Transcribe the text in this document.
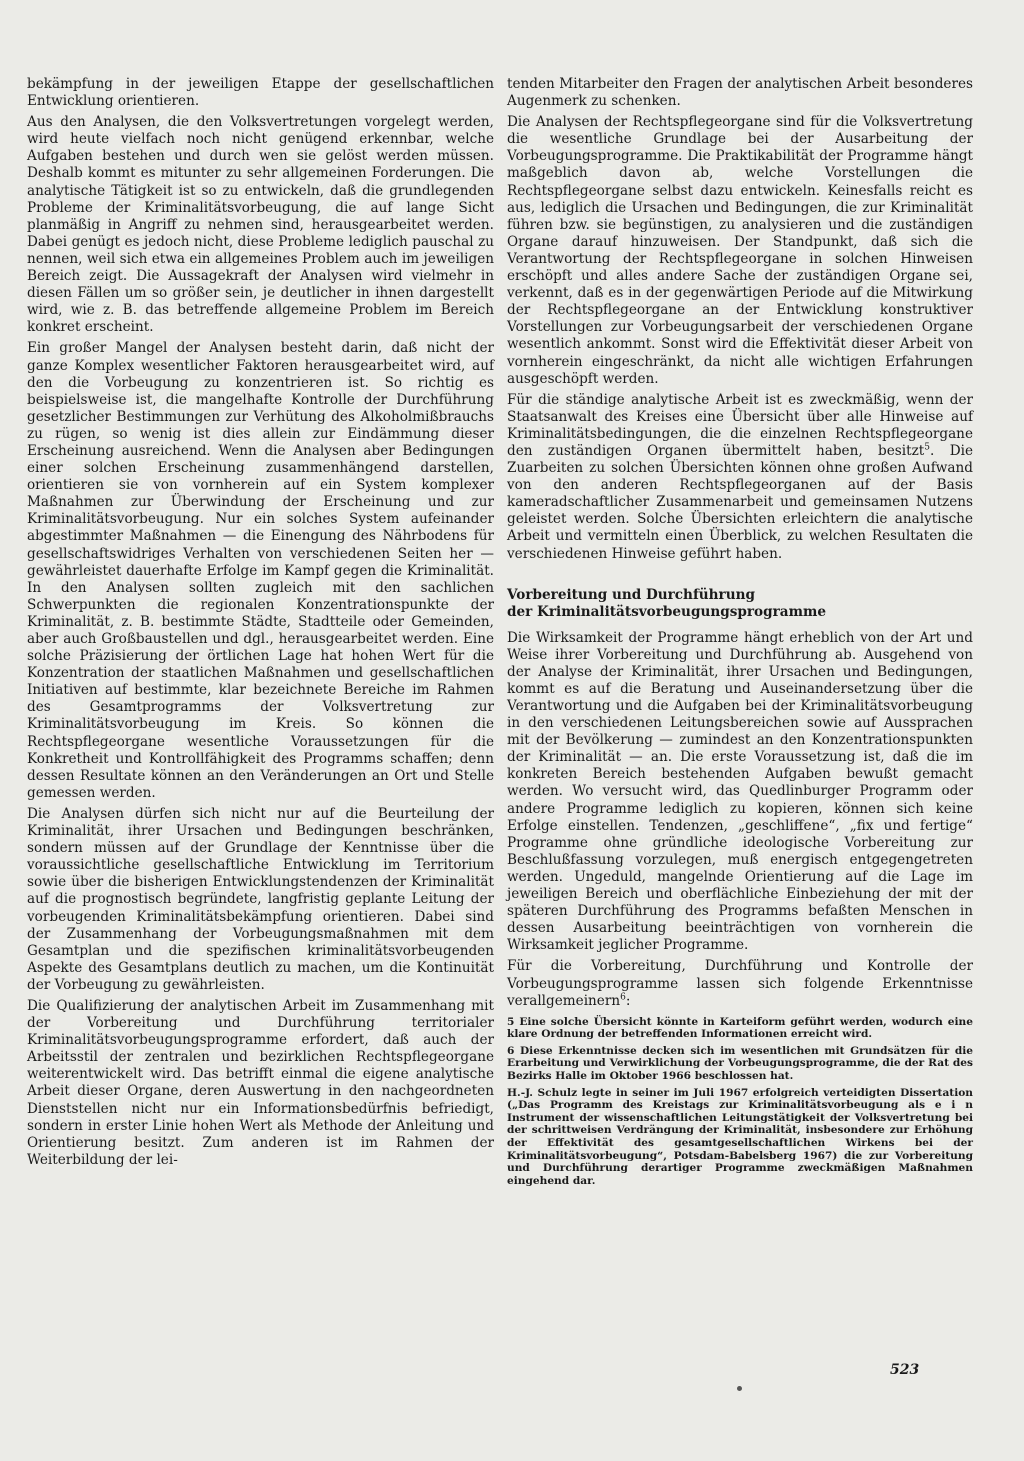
bekämpfung in der jeweiligen Etappe der gesellschaftlichen Entwicklung orientieren.

Aus den Analysen, die den Volksvertretungen vorgelegt werden, wird heute vielfach noch nicht genügend erkennbar, welche Aufgaben bestehen und durch wen sie gelöst werden müssen. Deshalb kommt es mitunter zu sehr allgemeinen Forderungen. Die analytische Tätigkeit ist so zu entwickeln, daß die grundlegenden Probleme der Kriminalitätsvorbeugung, die auf lange Sicht planmäßig in Angriff zu nehmen sind, herausgearbeitet werden. Dabei genügt es jedoch nicht, diese Probleme lediglich pauschal zu nennen, weil sich etwa ein allgemeines Problem auch im jeweiligen Bereich zeigt. Die Aussagekraft der Analysen wird vielmehr in diesen Fällen um so größer sein, je deutlicher in ihnen dargestellt wird, wie z. B. das betreffende allgemeine Problem im Bereich konkret erscheint.

Ein großer Mangel der Analysen besteht darin, daß nicht der ganze Komplex wesentlicher Faktoren herausgearbeitet wird, auf den die Vorbeugung zu konzentrieren ist. So richtig es beispielsweise ist, die mangelhafte Kontrolle der Durchführung gesetzlicher Bestimmungen zur Verhütung des Alkoholmißbrauchs zu rügen, so wenig ist dies allein zur Eindämmung dieser Erscheinung ausreichend. Wenn die Analysen aber Bedingungen einer solchen Erscheinung zusammenhängend darstellen, orientieren sie von vornherein auf ein System komplexer Maßnahmen zur Überwindung der Erscheinung und zur Kriminalitätsvorbeugung. Nur ein solches System aufeinander abgestimmter Maßnahmen — die Einengung des Nährbodens für gesellschaftswidriges Verhalten von verschiedenen Seiten her — gewährleistet dauerhafte Erfolge im Kampf gegen die Kriminalität. In den Analysen sollten zugleich mit den sachlichen Schwerpunkten die regionalen Konzentrationspunkte der Kriminalität, z. B. bestimmte Städte, Stadtteile oder Gemeinden, aber auch Großbaustellen und dgl., herausgearbeitet werden. Eine solche Präzisierung der örtlichen Lage hat hohen Wert für die Konzentration der staatlichen Maßnahmen und gesellschaftlichen Initiativen auf bestimmte, klar bezeichnete Bereiche im Rahmen des Gesamtprogramms der Volksvertretung zur Kriminalitätsvorbeugung im Kreis. So können die Rechtspflegeorgane wesentliche Voraussetzungen für die Konkretheit und Kontrollfähigkeit des Programms schaffen; denn dessen Resultate können an den Veränderungen an Ort und Stelle gemessen werden.

Die Analysen dürfen sich nicht nur auf die Beurteilung der Kriminalität, ihrer Ursachen und Bedingungen beschränken, sondern müssen auf der Grundlage der Kenntnisse über die voraussichtliche gesellschaftliche Entwicklung im Territorium sowie über die bisherigen Entwicklungstendenzen der Kriminalität auf die prognostisch begründete, langfristig geplante Leitung der vorbeugenden Kriminalitätsbekämpfung orientieren. Dabei sind der Zusammenhang der Vorbeugungsmaßnahmen mit dem Gesamtplan und die spezifischen kriminalitätsvorbeugenden Aspekte des Gesamtplans deutlich zu machen, um die Kontinuität der Vorbeugung zu gewährleisten.

Die Qualifizierung der analytischen Arbeit im Zusammenhang mit der Vorbereitung und Durchführung territorialer Kriminalitätsvorbeugungsprogramme erfordert, daß auch der Arbeitsstil der zentralen und bezirklichen Rechtspflegeorgane weiterentwickelt wird. Das betrifft einmal die eigene analytische Arbeit dieser Organe, deren Auswertung in den nachgeordneten Dienststellen nicht nur ein Informationsbedürfnis befriedigt, sondern in erster Linie hohen Wert als Methode der Anleitung und Orientierung besitzt. Zum anderen ist im Rahmen der Weiterbildung der lei-

tenden Mitarbeiter den Fragen der analytischen Arbeit besonderes Augenmerk zu schenken.

Die Analysen der Rechtspflegeorgane sind für die Volksvertretung die wesentliche Grundlage bei der Ausarbeitung der Vorbeugungsprogramme. Die Praktikabilität der Programme hängt maßgeblich davon ab, welche Vorstellungen die Rechtspflegeorgane selbst dazu entwickeln. Keinesfalls reicht es aus, lediglich die Ursachen und Bedingungen, die zur Kriminalität führen bzw. sie begünstigen, zu analysieren und die zuständigen Organe darauf hinzuweisen. Der Standpunkt, daß sich die Verantwortung der Rechtspflegeorgane in solchen Hinweisen erschöpft und alles andere Sache der zuständigen Organe sei, verkennt, daß es in der gegenwärtigen Periode auf die Mitwirkung der Rechtspflegeorgane an der Entwicklung konstruktiver Vorstellungen zur Vorbeugungsarbeit der verschiedenen Organe wesentlich ankommt. Sonst wird die Effektivität dieser Arbeit von vornherein eingeschränkt, da nicht alle wichtigen Erfahrungen ausgeschöpft werden.

Für die ständige analytische Arbeit ist es zweckmäßig, wenn der Staatsanwalt des Kreises eine Übersicht über alle Hinweise auf Kriminalitätsbedingungen, die die einzelnen Rechtspflegeorgane den zuständigen Organen übermittelt haben, besitzt$^5$. Die Zuarbeiten zu solchen Übersichten können ohne großen Aufwand von den anderen Rechtspflegeorganen auf der Basis kameradschaftlicher Zusammenarbeit und gemeinsamen Nutzens geleistet werden. Solche Übersichten erleichtern die analytische Arbeit und vermitteln einen Überblick, zu welchen Resultaten die verschiedenen Hinweise geführt haben.

Vorbereitung und Durchführung
der Kriminalitätsvorbeugungsprogramme

Die Wirksamkeit der Programme hängt erheblich von der Art und Weise ihrer Vorbereitung und Durchführung ab. Ausgehend von der Analyse der Kriminalität, ihrer Ursachen und Bedingungen, kommt es auf die Beratung und Auseinandersetzung über die Verantwortung und die Aufgaben bei der Kriminalitätsvorbeugung in den verschiedenen Leitungsbereichen sowie auf Aussprachen mit der Bevölkerung — zumindest an den Konzentrationspunkten der Kriminalität — an. Die erste Voraussetzung ist, daß die im konkreten Bereich bestehenden Aufgaben bewußt gemacht werden. Wo versucht wird, das Quedlinburger Programm oder andere Programme lediglich zu kopieren, können sich keine Erfolge einstellen. Tendenzen, „geschliffene“, „fix und fertige“ Programme ohne gründliche ideologische Vorbereitung zur Beschlußfassung vorzulegen, muß energisch entgegengetreten werden. Ungeduld, mangelnde Orientierung auf die Lage im jeweiligen Bereich und oberflächliche Einbeziehung der mit der späteren Durchführung des Programms befaßten Menschen in dessen Ausarbeitung beeinträchtigen von vornherein die Wirksamkeit jeglicher Programme.

Für die Vorbereitung, Durchführung und Kontrolle der Vorbeugungsprogramme lassen sich folgende Erkenntnisse verallgemeinern$^6$:

5 Eine solche Übersicht könnte in Karteiform geführt werden, wodurch eine klare Ordnung der betreffenden Informationen erreicht wird.

6 Diese Erkenntnisse decken sich im wesentlichen mit Grundsätzen für die Erarbeitung und Verwirklichung der Vorbeugungsprogramme, die der Rat des Bezirks Halle im Oktober 1966 beschlossen hat.

H.-J. Schulz legte in seiner im Juli 1967 erfolgreich verteidigten Dissertation („Das Programm des Kreistags zur Kriminalitätsvorbeugung als e i n Instrument der wissenschaftlichen Leitungstätigkeit der Volksvertretung bei der schrittweisen Verdrängung der Kriminalität, insbesondere zur Erhöhung der Effektivität des gesamtgesellschaftlichen Wirkens bei der Kriminalitätsvorbeugung“, Potsdam-Babelsberg 1967) die zur Vorbereitung und Durchführung derartiger Programme zweckmäßigen Maßnahmen eingehend dar.

523
